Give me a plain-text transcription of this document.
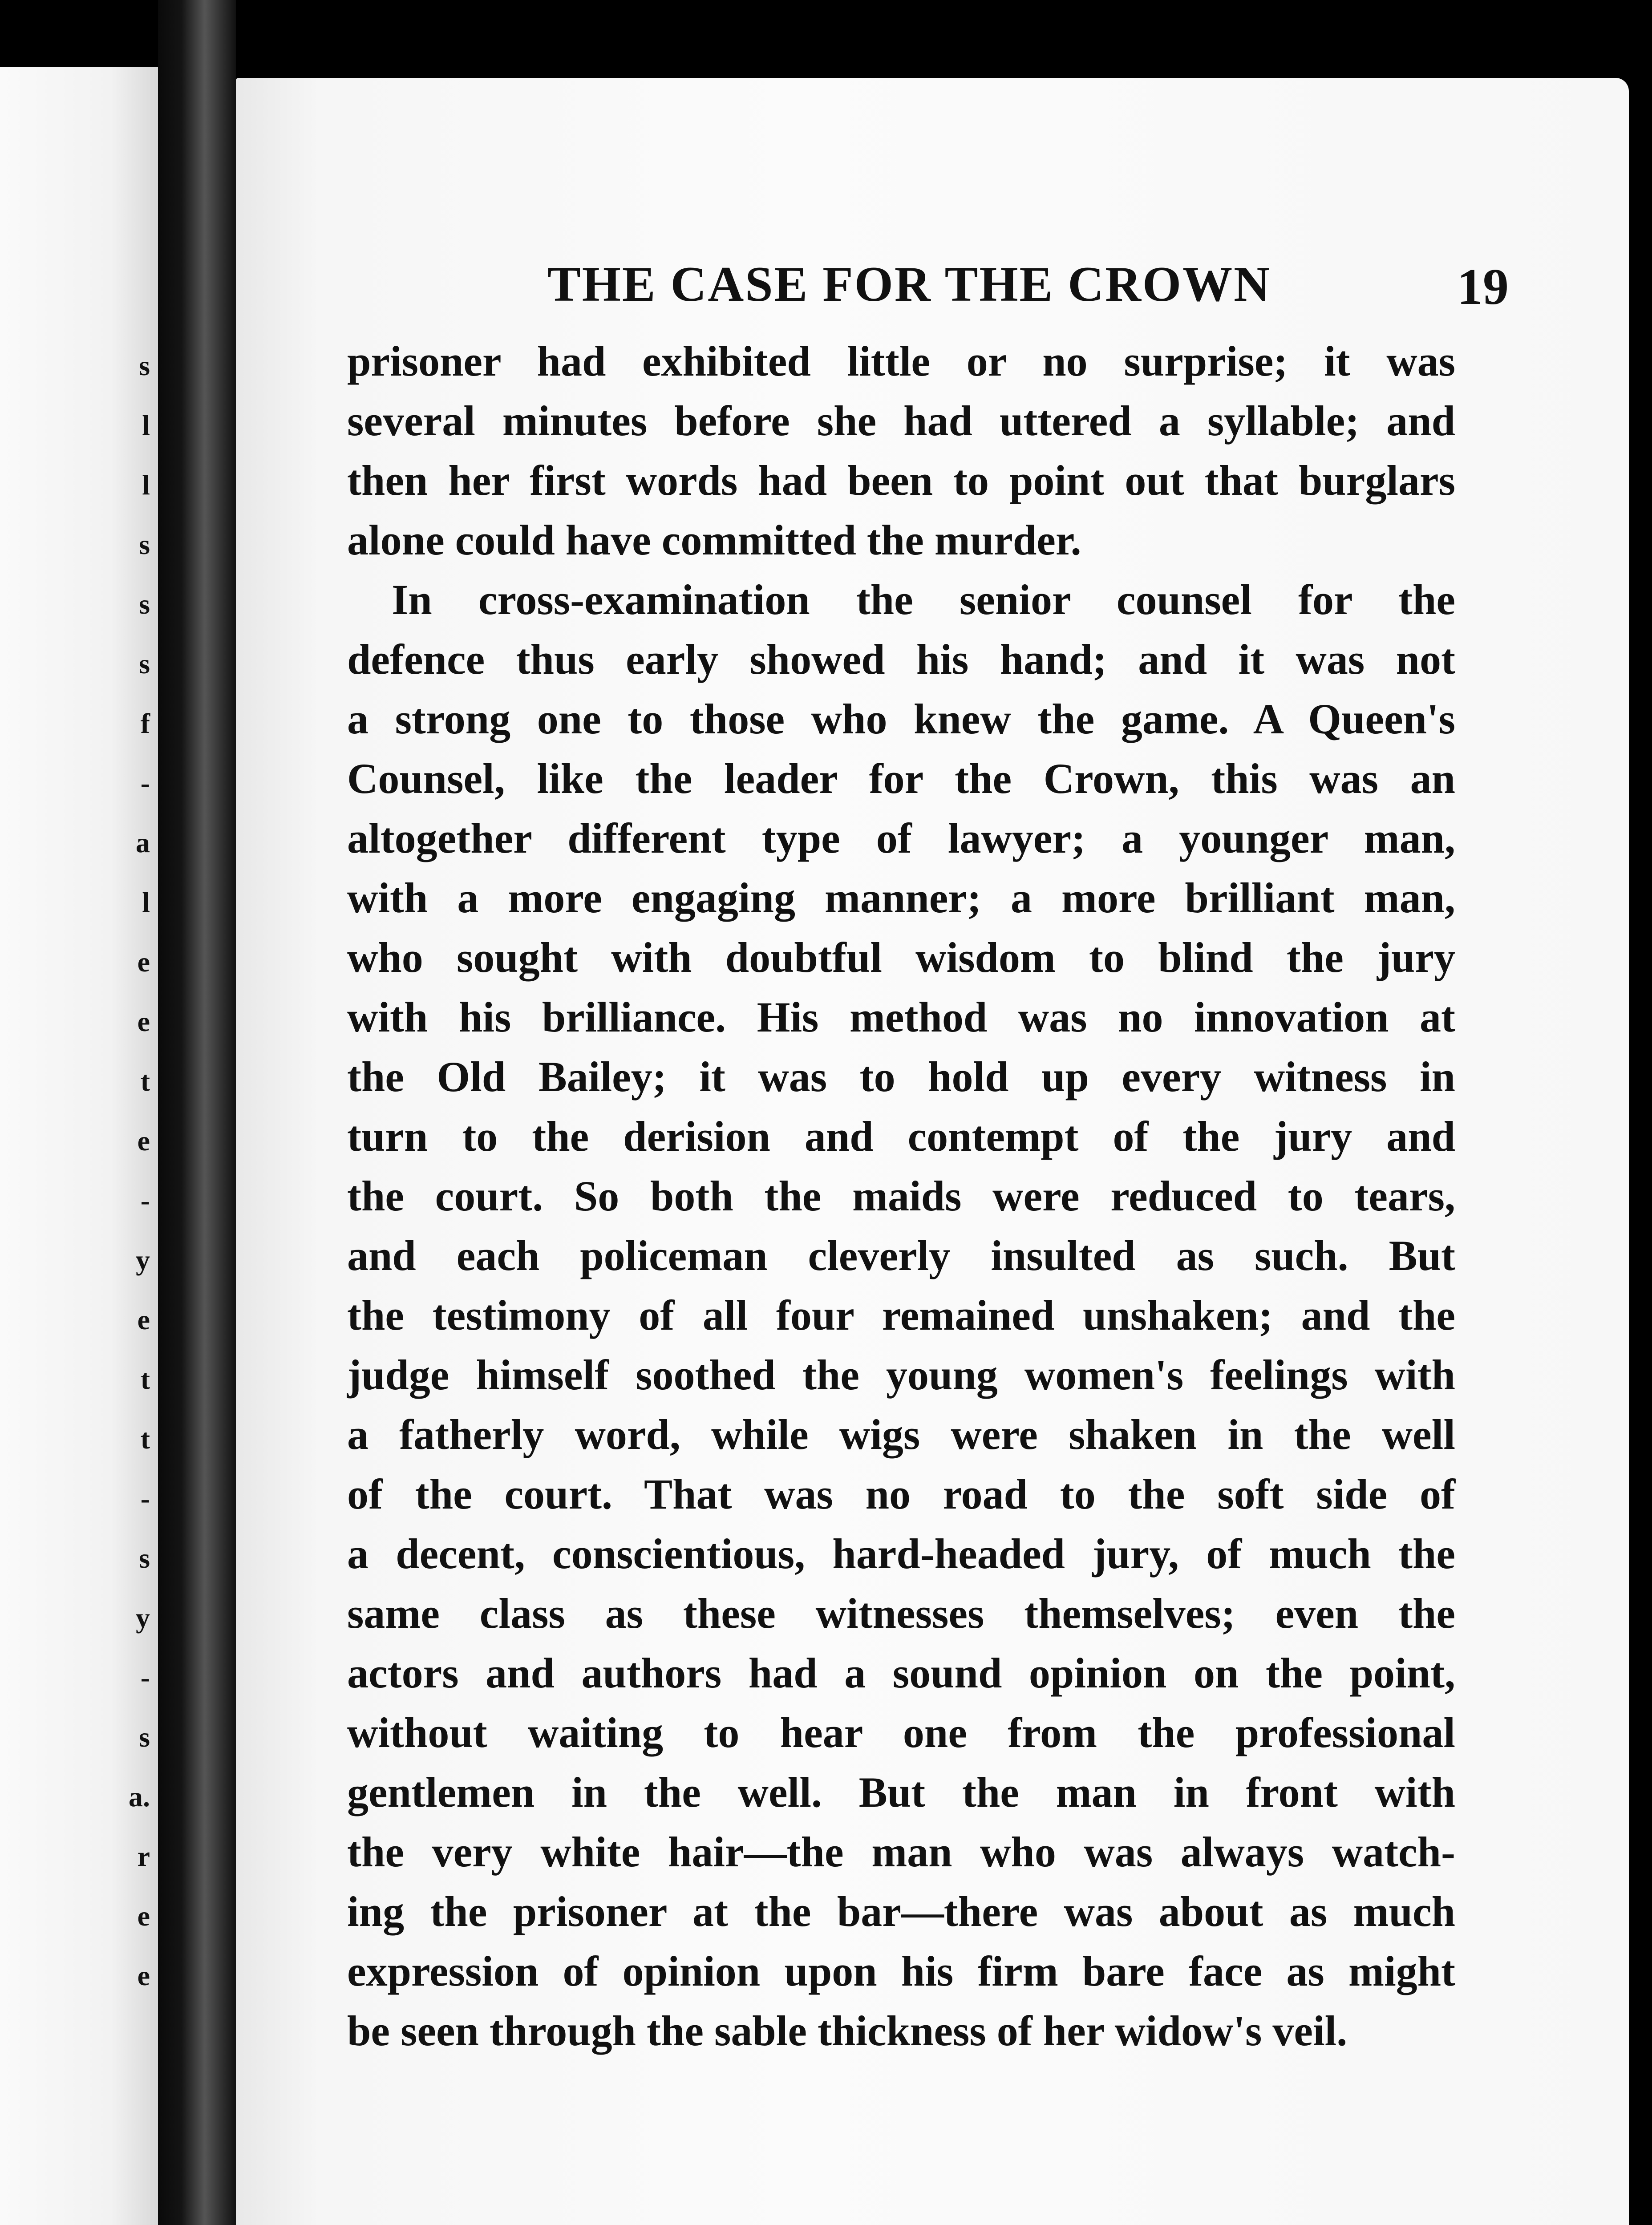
s
l
l
s
s
s
f
-
a
l
e
e
t
e
-
y
e
t
t
-
s
y
-
s
a.
r
e
e
THE CASE FOR THE CROWN	19
prisoner had exhibited little or no surprise; it was
several minutes before she had uttered a syllable; and
then her first words had been to point out that burglars
alone could have committed the murder.
In cross-examination the senior counsel for the
defence thus early showed his hand; and it was not
a strong one to those who knew the game. A Queen's
Counsel, like the leader for the Crown, this was an
altogether different type of lawyer; a younger man,
with a more engaging manner; a more brilliant man,
who sought with doubtful wisdom to blind the jury
with his brilliance. His method was no innovation at
the Old Bailey; it was to hold up every witness in
turn to the derision and contempt of the jury and
the court. So both the maids were reduced to tears,
and each policeman cleverly insulted as such. But
the testimony of all four remained unshaken; and the
judge himself soothed the young women's feelings with
a fatherly word, while wigs were shaken in the well
of the court. That was no road to the soft side of
a decent, conscientious, hard-headed jury, of much the
same class as these witnesses themselves; even the
actors and authors had a sound opinion on the point,
without waiting to hear one from the professional
gentlemen in the well. But the man in front with
the very white hair—the man who was always watch-
ing the prisoner at the bar—there was about as much
expression of opinion upon his firm bare face as might
be seen through the sable thickness of her widow's veil.
